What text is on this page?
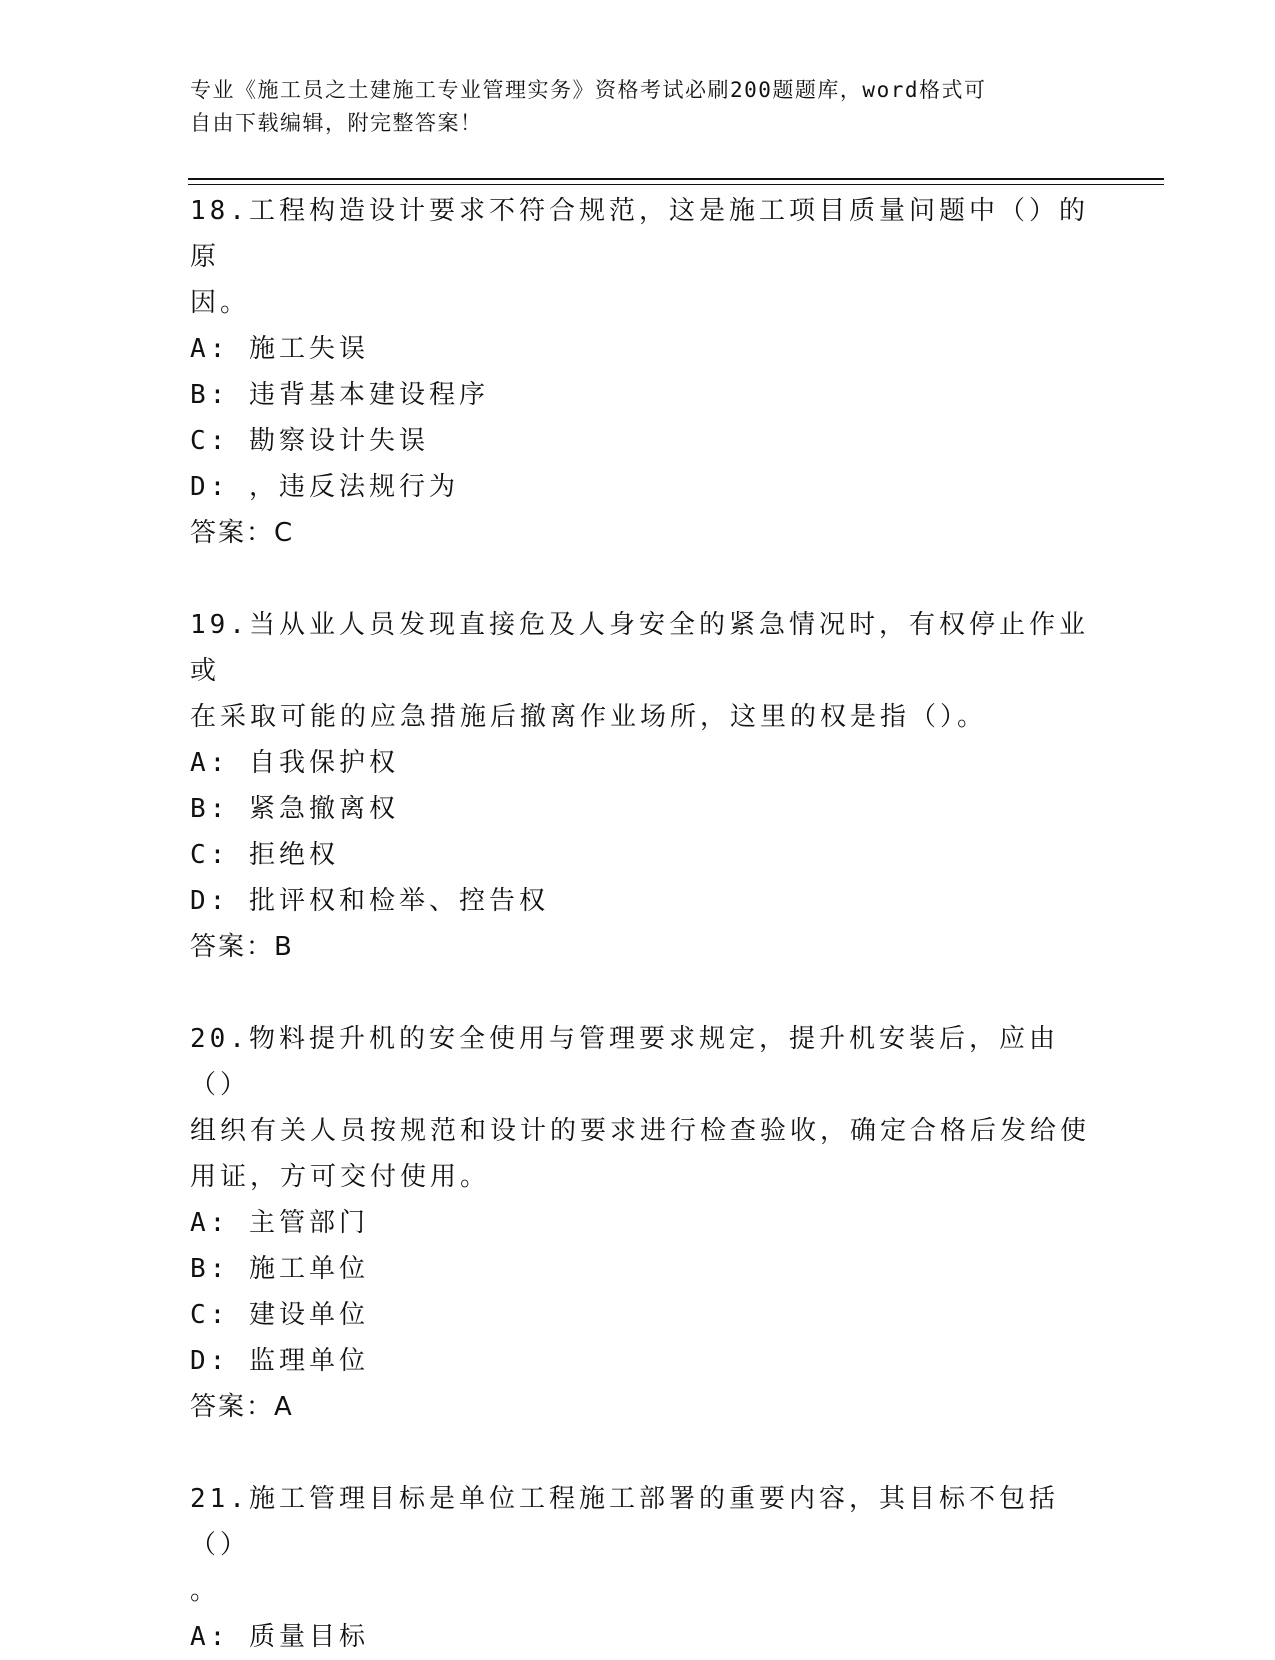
专业《施工员之土建施工专业管理实务》资格考试必刷200题题库，word格式可
自由下载编辑，附完整答案！

18.工程构造设计要求不符合规范，这是施工项目质量问题中（）的原

因。

A: 施工失误

B: 违背基本建设程序

C: 勘察设计失误

D: ，违反法规行为

答案：C

19.当从业人员发现直接危及人身安全的紧急情况时，有权停止作业或

在采取可能的应急措施后撤离作业场所，这里的权是指（）。

A: 自我保护权

B: 紧急撤离权

C: 拒绝权

D: 批评权和检举、控告权

答案：B

20.物料提升机的安全使用与管理要求规定，提升机安装后，应由（）

组织有关人员按规范和设计的要求进行检查验收，确定合格后发给使

用证，方可交付使用。

A: 主管部门

B: 施工单位

C: 建设单位

D: 监理单位

答案：A

21.施工管理目标是单位工程施工部署的重要内容，其目标不包括（）

。

A: 质量目标
